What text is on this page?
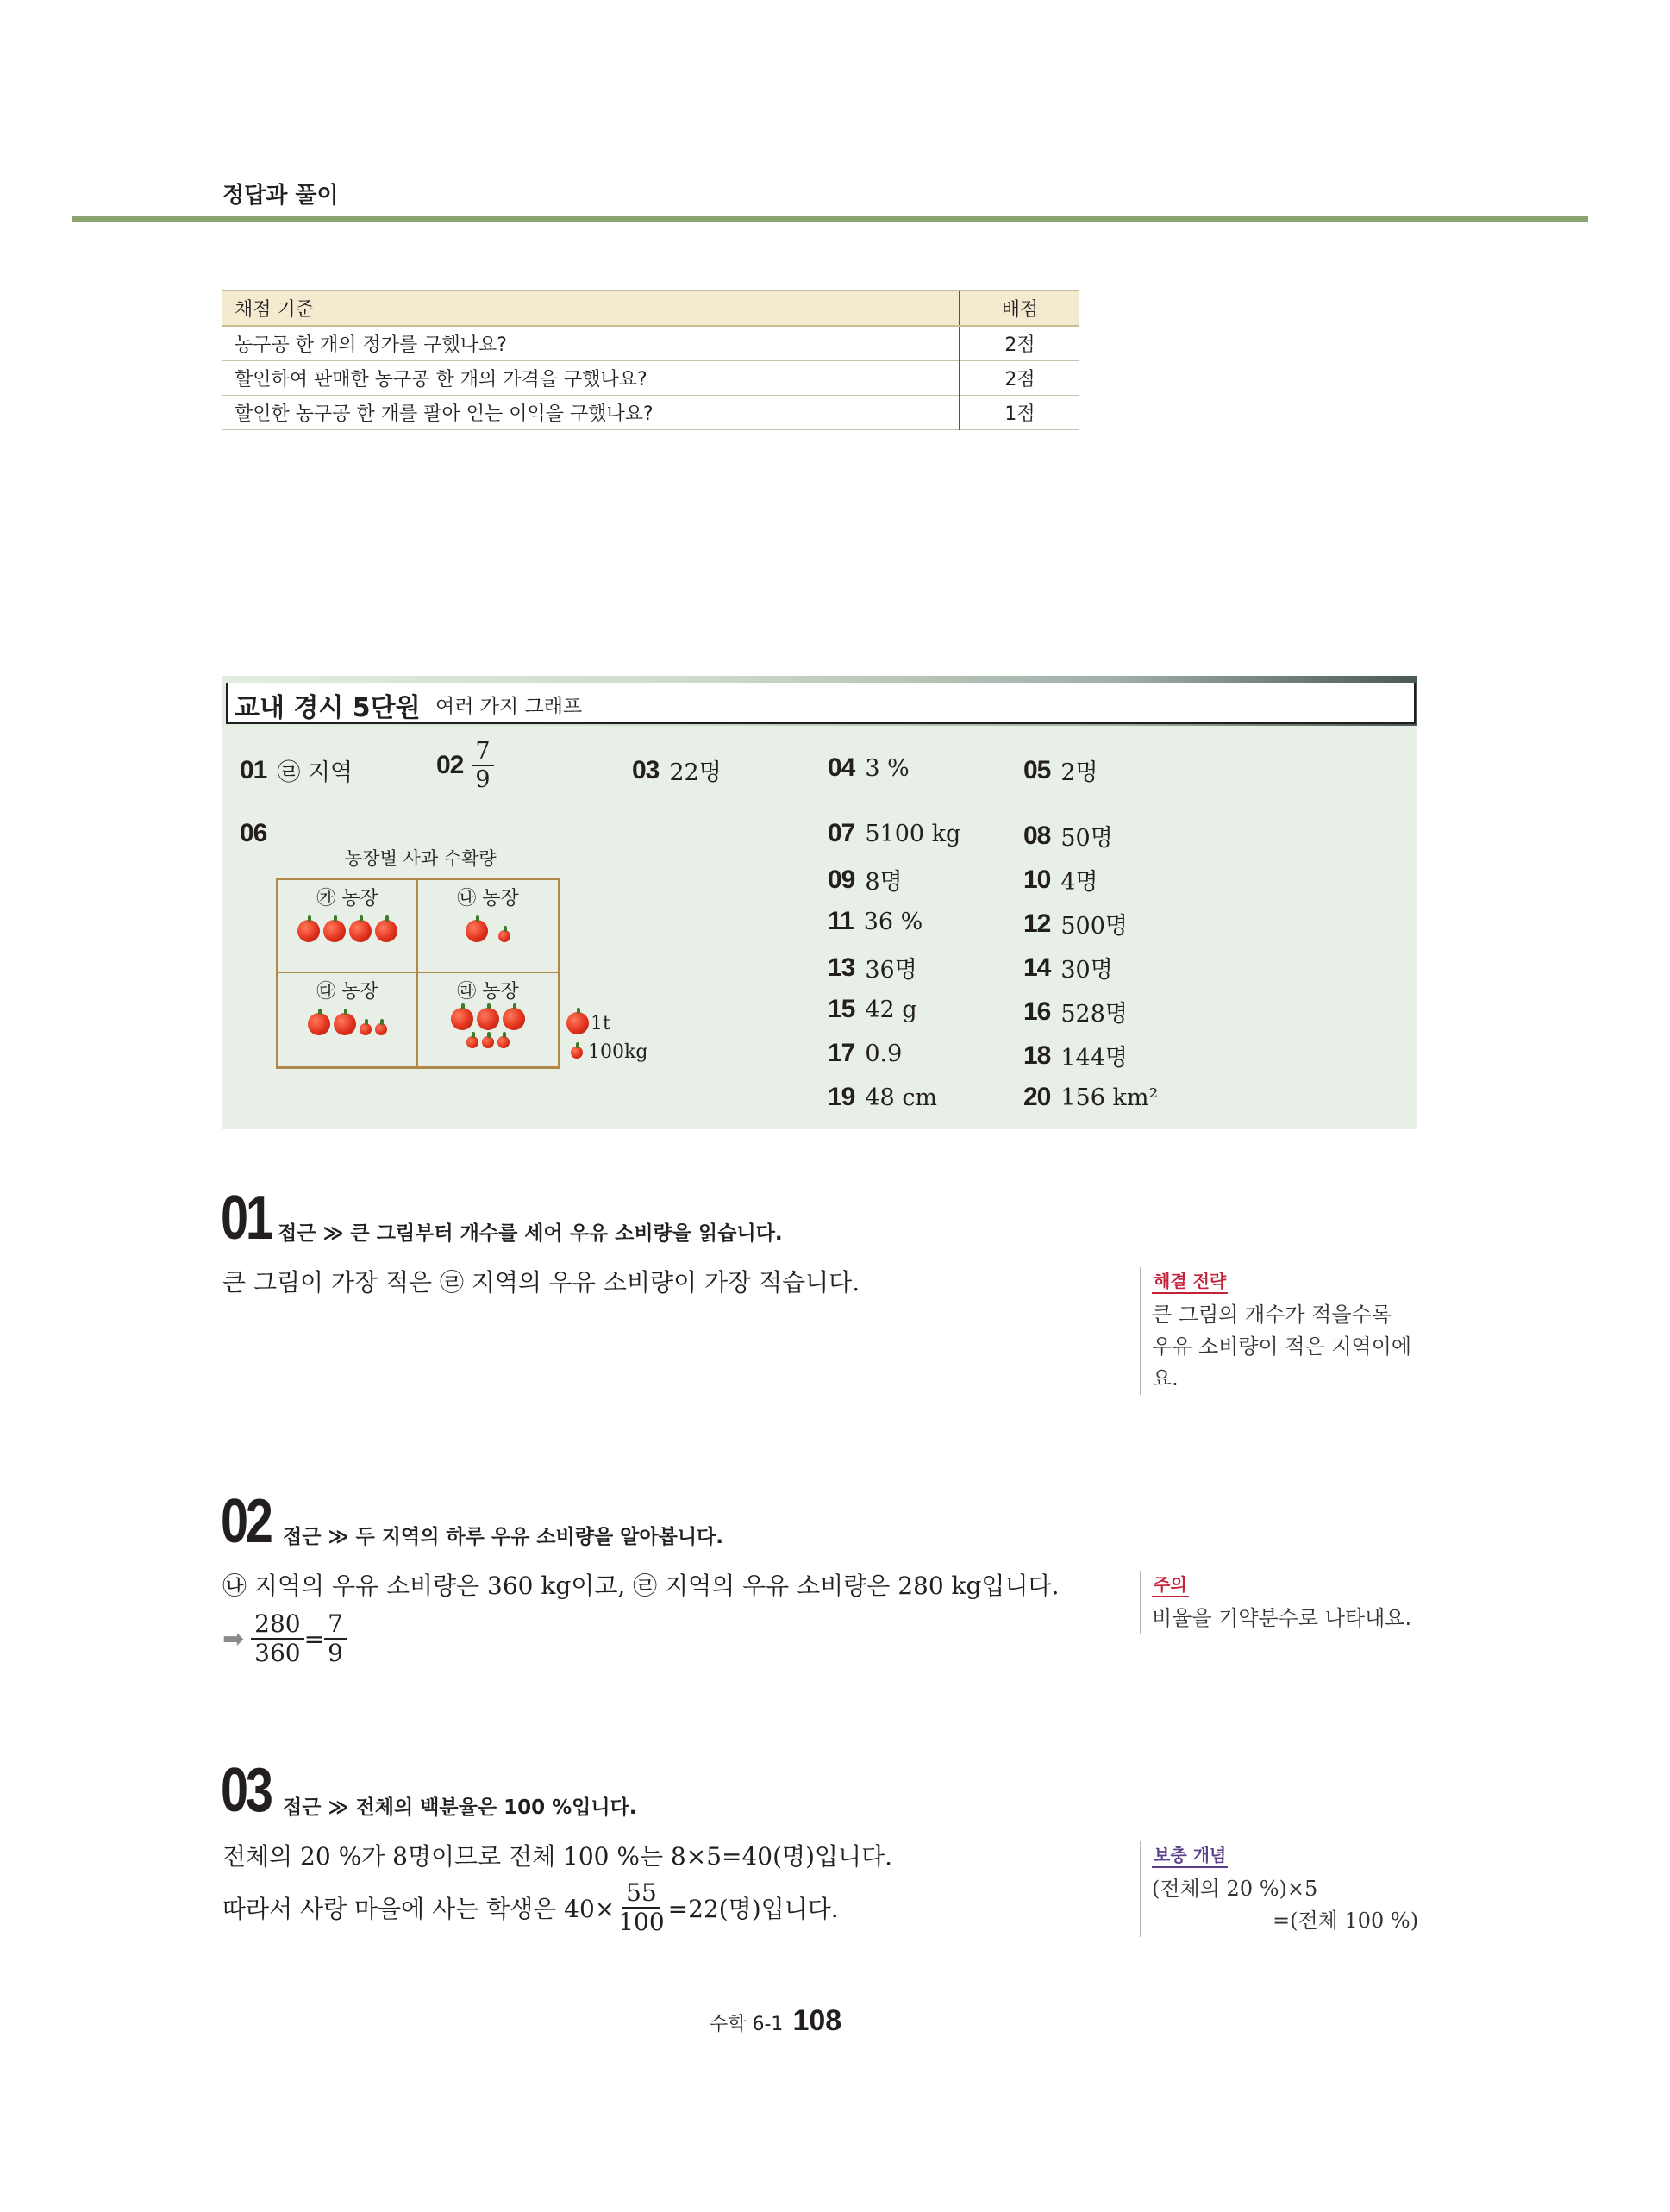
정답과 풀이
채점 기준	배점
농구공 한 개의 정가를 구했나요?	2점
할인하여 판매한 농구공 한 개의 가격을 구했나요?	2점
할인한 농구공 한 개를 팔아 얻는 이익을 구했나요?	1점
교내 경시 5단원 여러 가지 그래프
01 ㉣ 지역	$02 \frac{7}{9}$	03 22명	04 3 %	05 2명
06
농장별 사과 수확량
㉮ 농장	㉯ 농장
㉰ 농장	㉱ 농장
1t
100kg
07 5100 kg 08 50명
09 8명	10 4명
11 36 %	12 500명
13 36명	14 30명
15 42 g	16 528명
17 0.9	18 144명
19 48 cm	20 156 km²
01 접근 ≫ 큰 그림부터 개수를 세어 우유 소비량을 읽습니다.
큰 그림이 가장 적은 ㉣ 지역의 우유 소비량이 가장 적습니다.	해결 전략
큰 그림의 개수가 적을수록
우유 소비량이 적은 지역이에
요.
02 접근 ≫ 두 지역의 하루 우유 소비량을 알아봅니다.
㉯ 지역의 우유 소비량은 360 kg이고, ㉣ 지역의 우유 소비량은 280 kg입니다.
➡ $\frac{280}{360} = \frac{7}{9}$
주의
비율을 기약분수로 나타내요.
03 접근 ≫ 전체의 백분율은 100 %입니다.
전체의 20 %가 8명이므로 전체 100 %는 8×5=40(명)입니다.
따라서 사랑 마을에 사는 학생은 $40\times \frac{55}{100} =22$(명)입니다.
보충 개념
(전체의 20 %)×5
=(전체 100 %)
수학 6-1 108
